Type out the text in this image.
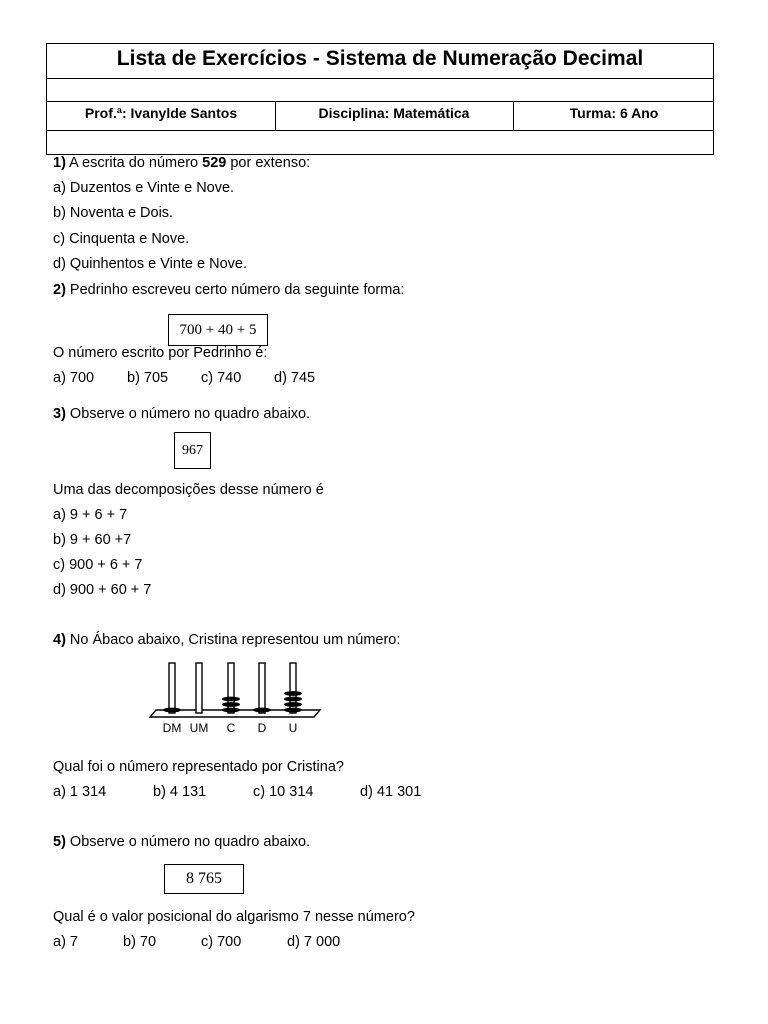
Lista de Exercícios - Sistema de Numeração Decimal
Prof.ª: Ivanylde Santos	Disciplina: Matemática	Turma: 6 Ano
1) A escrita do número 529 por extenso:
a) Duzentos e Vinte e Nove.
b) Noventa e Dois.
c) Cinquenta e Nove.
d) Quinhentos e Vinte e Nove.
2) Pedrinho escreveu certo número da seguinte forma:
700 + 40 + 5
O número escrito por Pedrinho é:
a) 700 b) 705 c) 740 d) 745
3) Observe o número no quadro abaixo.
967
Uma das decomposições desse número é
a) 9 + 6 + 7
b) 9 + 60 +7
c) 900 + 6 + 7
d) 900 + 60 + 7
4) No Ábaco abaixo, Cristina representou um número:
DM UM	C	D	U
Qual foi o número representado por Cristina?
a) 1 314	b) 4 131	c) 10 314	d) 41 301
5) Observe o número no quadro abaixo.
8 765
Qual é o valor posicional do algarismo 7 nesse número?
a) 7	b) 70	c) 700	d) 7 000
